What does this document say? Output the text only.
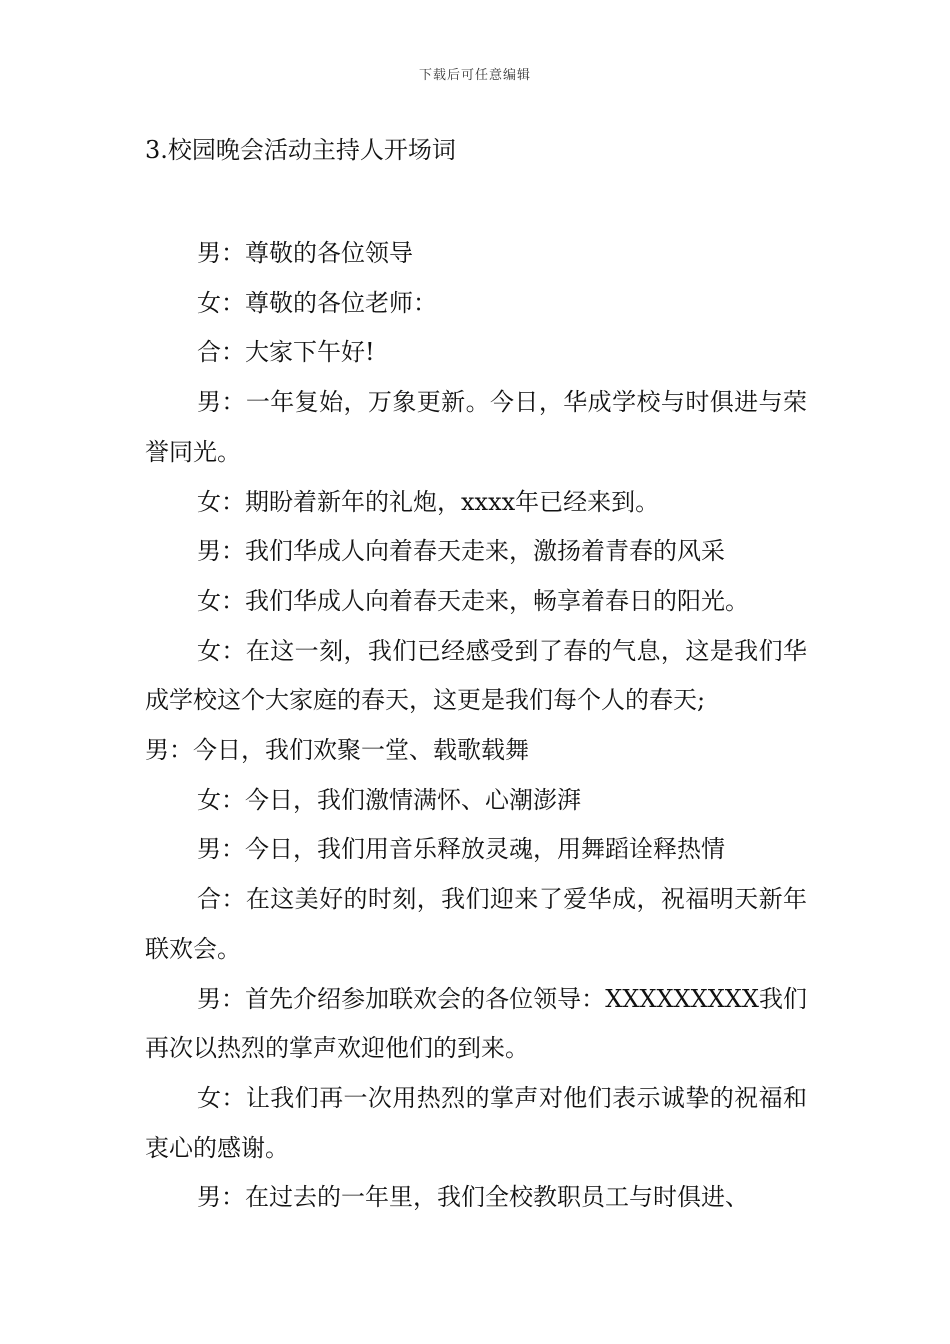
下载后可任意编辑
3.校园晚会活动主持人开场词

男：尊敬的各位领导

女：尊敬的各位老师：

合：大家下午好!

男：一年复始，万象更新。今日，华成学校与时俱进与荣誉同光。

女：期盼着新年的礼炮，xxxx年已经来到。

男：我们华成人向着春天走来，激扬着青春的风采

女：我们华成人向着春天走来，畅享着春日的阳光。

女：在这一刻，我们已经感受到了春的气息，这是我们华成学校这个大家庭的春天，这更是我们每个人的春天;

男：今日，我们欢聚一堂、载歌载舞

女：今日，我们激情满怀、心潮澎湃

男：今日，我们用音乐释放灵魂，用舞蹈诠释热情

合：在这美好的时刻，我们迎来了爱华成，祝福明天新年联欢会。

男：首先介绍参加联欢会的各位领导：XXXXXXXXX我们再次以热烈的掌声欢迎他们的到来。

女：让我们再一次用热烈的掌声对他们表示诚挚的祝福和衷心的感谢。

男：在过去的一年里，我们全校教职员工与时俱进、
